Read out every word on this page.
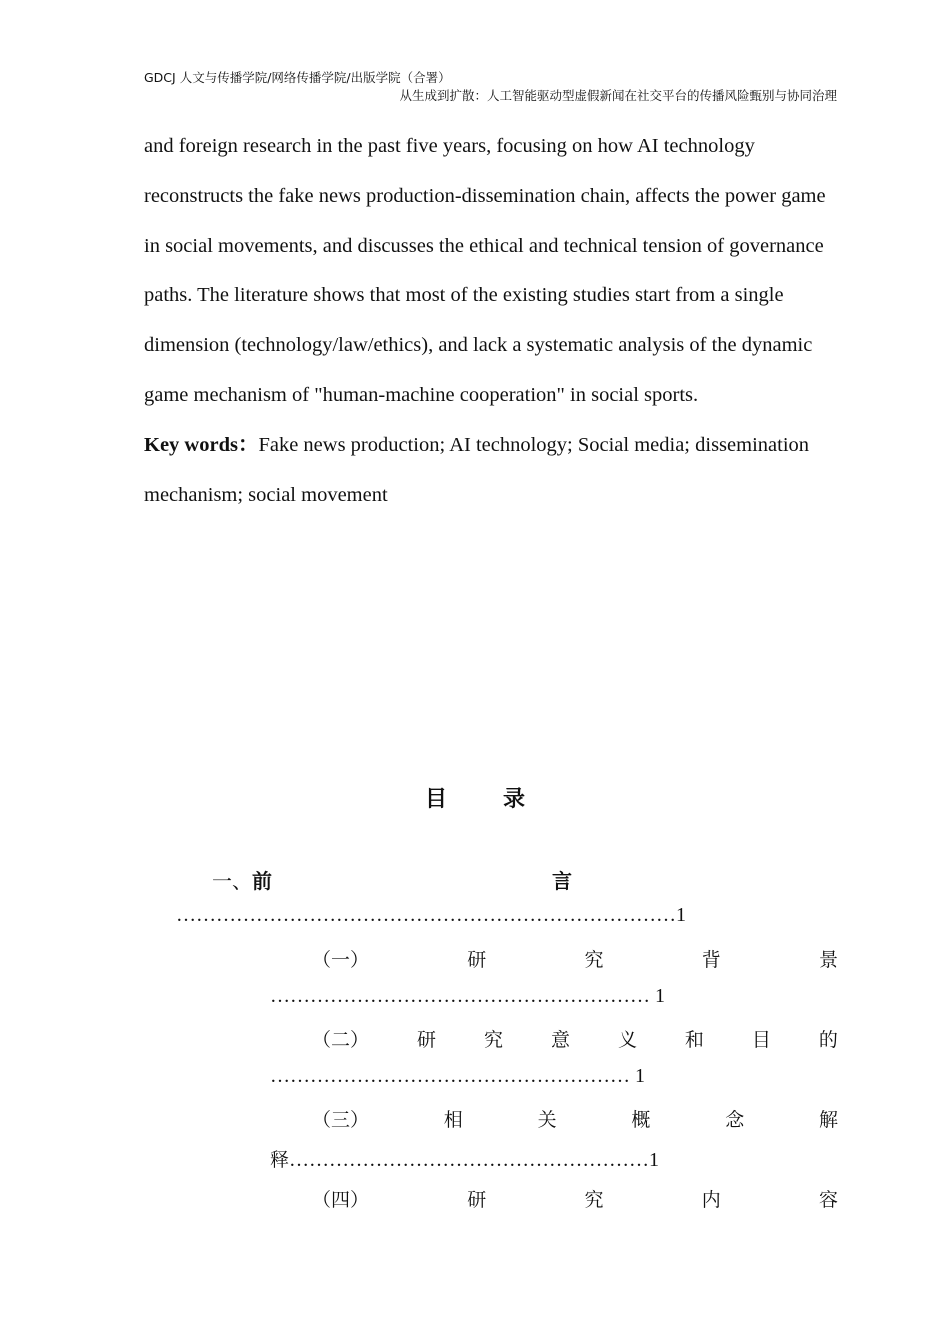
GDCJ 人文与传播学院/网络传播学院/出版学院（合署）
从生成到扩散：人工智能驱动型虚假新闻在社交平台的传播风险甄别与协同治理

and foreign research in the past five years, focusing on how AI technology reconstructs the fake news production-dissemination chain, affects the power game in social movements, and discusses the ethical and technical tension of governance paths. The literature shows that most of the existing studies start from a single dimension (technology/law/ethics), and lack a systematic analysis of the dynamic game mechanism of "human-machine cooperation" in social sports.

Key words：Fake news production; AI technology; Social media; dissemination mechanism; social movement

目	录
一、 前	言
…………………………………………………………………1
（一）	研	究	背	景
………………………………………………… 1
（二）	研	究	意	义	和	目	的
……………………………………………… 1
（三）	相	关	概	念	解
释………………………………………………1
（四）	研	究	内	容
